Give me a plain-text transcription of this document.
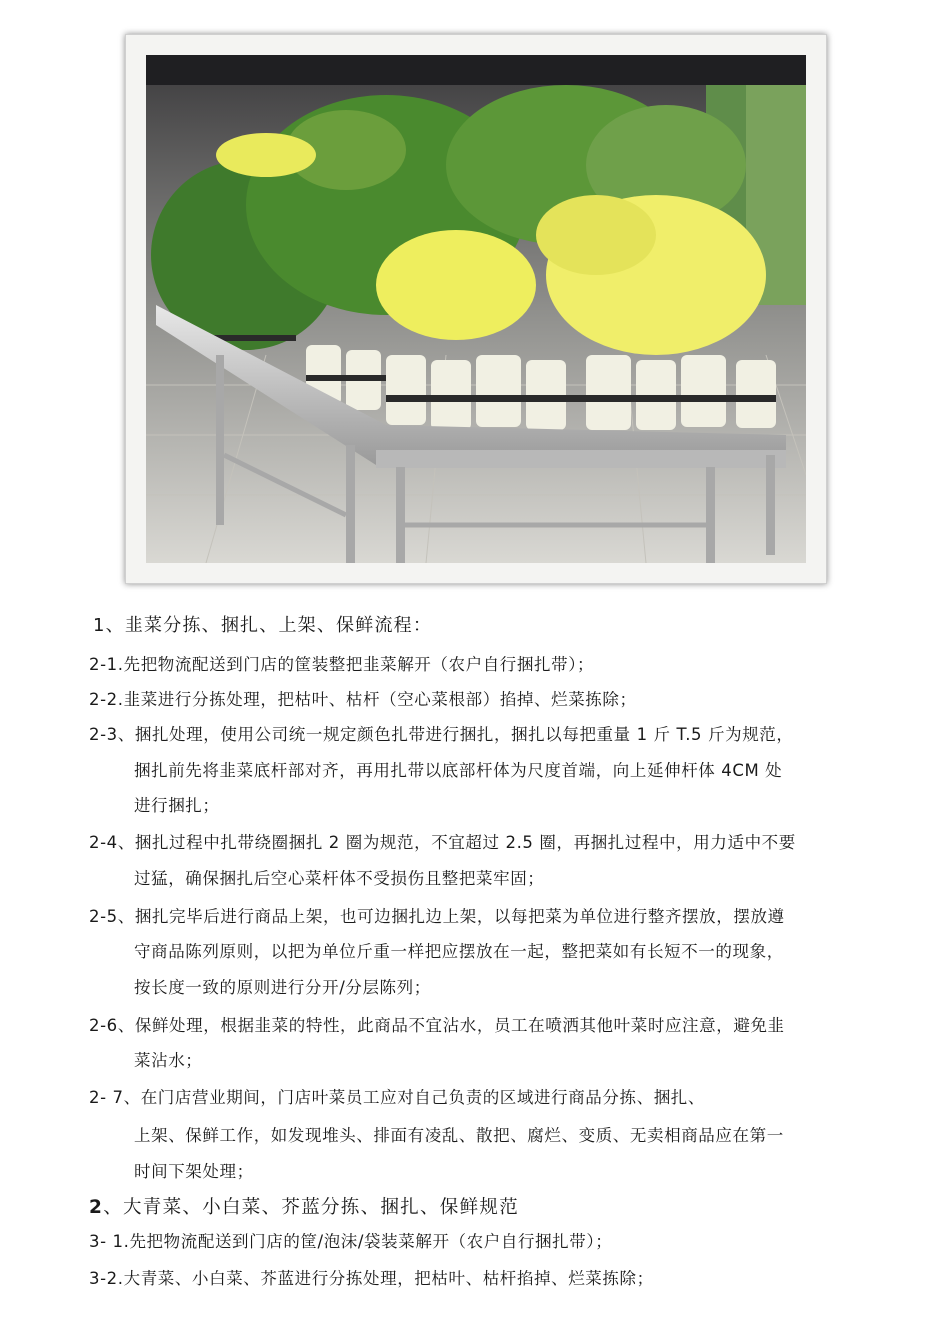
1、韭菜分拣、捆扎、上架、保鲜流程：
2-1.先把物流配送到门店的筐装整把韭菜解开（农户自行捆扎带）；
2-2.韭菜进行分拣处理，把枯叶、枯杆（空心菜根部）掐掉、烂菜拣除；
2-3、捆扎处理，使用公司统一规定颜色扎带进行捆扎，捆扎以每把重量 1 斤 T.5 斤为规范，
捆扎前先将韭菜底杆部对齐，再用扎带以底部杆体为尺度首端，向上延伸杆体 4CM 处
进行捆扎；
2-4、捆扎过程中扎带绕圈捆扎 2 圈为规范，不宜超过 2.5 圈，再捆扎过程中，用力适中不要
过猛，确保捆扎后空心菜杆体不受损伤且整把菜牢固；
2-5、捆扎完毕后进行商品上架，也可边捆扎边上架，以每把菜为单位进行整齐摆放，摆放遵
守商品陈列原则，以把为单位斤重一样把应摆放在一起，整把菜如有长短不一的现象，
按长度一致的原则进行分开/分层陈列；
2-6、保鲜处理，根据韭菜的特性，此商品不宜沾水，员工在喷洒其他叶菜时应注意，避免韭
菜沾水；
2- 7、在门店营业期间，门店叶菜员工应对自己负责的区域进行商品分拣、捆扎、
上架、保鲜工作，如发现堆头、排面有凌乱、散把、腐烂、变质、无卖相商品应在第一
时间下架处理；
2、大青菜、小白菜、芥蓝分拣、捆扎、保鲜规范
3- 1.先把物流配送到门店的筐/泡沫/袋装菜解开（农户自行捆扎带）；
3-2.大青菜、小白菜、芥蓝进行分拣处理，把枯叶、枯杆掐掉、烂菜拣除；
